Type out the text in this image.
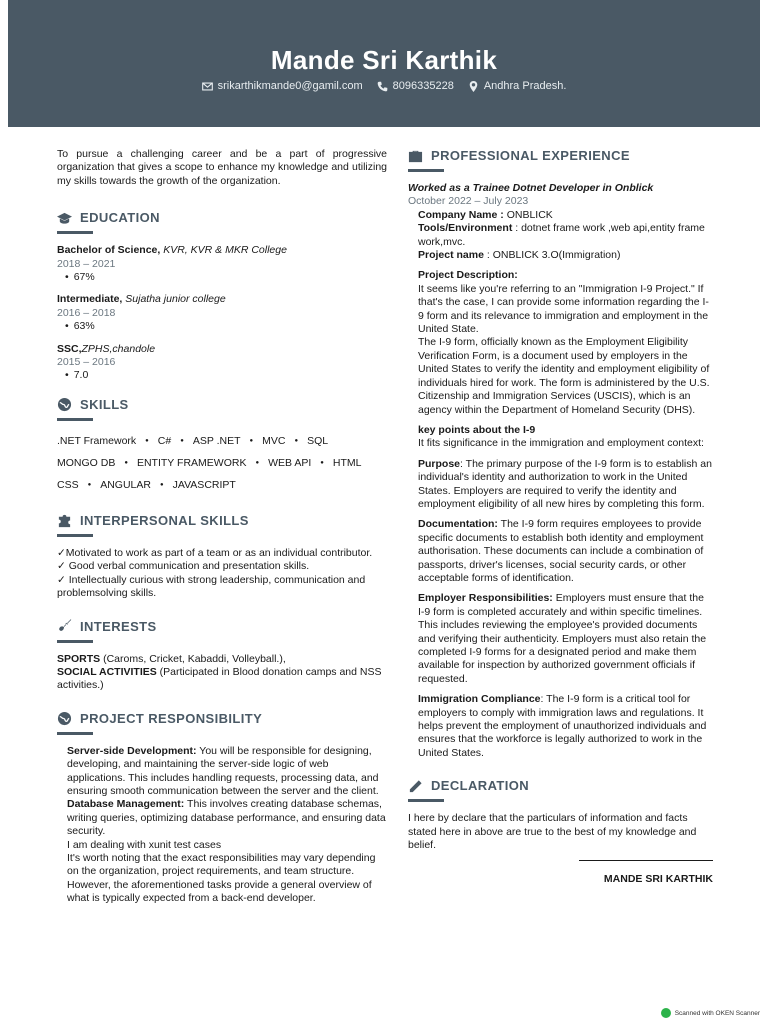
Mande Sri Karthik
srikarthikmande0@gamil.com	8096335228	Andhra Pradesh.

To pursue a challenging career and be a part of progressive organization that gives a scope to enhance my knowledge and utilizing my skills towards the growth of the organization.

EDUCATION
Bachelor of Science, KVR, KVR & MKR College
2018 – 2021
• 67%
Intermediate, Sujatha junior college
2016 – 2018
• 63%
SSC,ZPHS,chandole
2015 – 2016
• 7.0
SKILLS
.NET Framework ●	C# ●	ASP .NET ●	MVC ●	SQL
MONGO DB ●	ENTITY FRAMEWORK ●	WEB API ●	HTML
CSS ●	ANGULAR ●	JAVASCRIPT
INTERPERSONAL SKILLS

✓Motivated to work as part of a team or as an individual contributor.

✓ Good verbal communication and presentation skills.

✓ Intellectually curious with strong leadership, communication and problemsolving skills.

INTERESTS

SPORTS (Caroms, Cricket, Kabaddi, Volleyball.),

SOCIAL ACTIVITIES (Participated in Blood donation camps and NSS activities.)

PROJECT RESPONSIBILITY

Server-side Development: You will be responsible for designing, developing, and maintaining the server-side logic of web applications. This includes handling requests, processing data, and ensuring smooth communication between the server and the client.

Database Management: This involves creating database schemas, writing queries, optimizing database performance, and ensuring data security.

I am dealing with xunit test cases

It's worth noting that the exact responsibilities may vary depending on the organization, project requirements, and team structure. However, the aforementioned tasks provide a general overview of what is typically expected from a back-end developer.

PROFESSIONAL EXPERIENCE

Worked as a Trainee Dotnet Developer in Onblick

October 2022 – July 2023

Company Name : ONBLICK

Tools/Environment : dotnet frame work ,web api,entity frame work,mvc.

Project name : ONBLICK 3.O(Immigration)

Project Description:

It seems like you're referring to an "Immigration I-9 Project." If that's the case, I can provide some information regarding the I-9 form and its relevance to immigration and employment in the United State.

The I-9 form, officially known as the Employment Eligibility Verification Form, is a document used by employers in the United States to verify the identity and employment eligibility of individuals hired for work. The form is administered by the U.S. Citizenship and Immigration Services (USCIS), which is an agency within the Department of Homeland Security (DHS).

key points about the I-9

It fits significance in the immigration and employment context:

Purpose: The primary purpose of the I-9 form is to establish an individual's identity and authorization to work in the United States. Employers are required to verify the identity and employment eligibility of all new hires by completing this form.

Documentation: The I-9 form requires employees to provide specific documents to establish both identity and employment authorisation. These documents can include a combination of passports, driver's licenses, social security cards, or other acceptable forms of identification.

Employer Responsibilities: Employers must ensure that the I-9 form is completed accurately and within specific timelines. This includes reviewing the employee's provided documents and verifying their authenticity. Employers must also retain the completed I-9 forms for a designated period and make them available for inspection by authorized government officials if requested.

Immigration Compliance: The I-9 form is a critical tool for employers to comply with immigration laws and regulations. It helps prevent the employment of unauthorized individuals and ensures that the workforce is legally authorized to work in the United States.

DECLARATION

I here by declare that the particulars of information and facts stated here in above are true to the best of my knowledge and belief.

MANDE SRI KARTHIK
Scanned with OKEN Scanner
